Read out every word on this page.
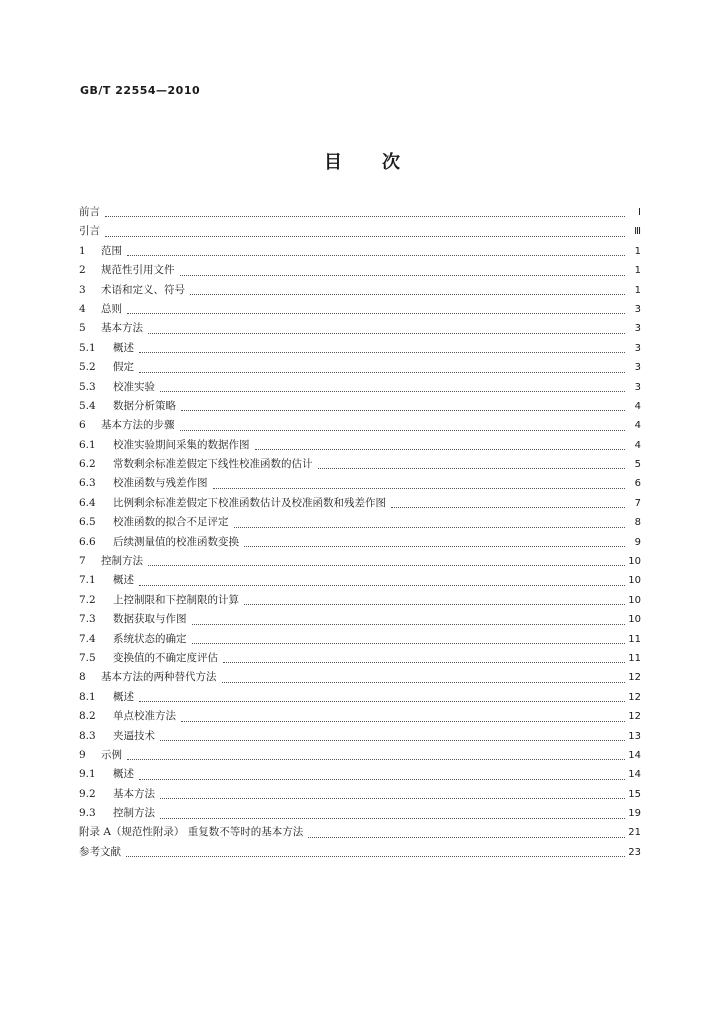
GB/T 22554—2010
目次
前言	Ⅰ
引言	Ⅲ
1	范围	1
2	规范性引用文件	1
3	术语和定义、符号	1
4	总则	3
5	基本方法	3
5.1	概述	3
5.2	假定	3
5.3	校准实验	3
5.4	数据分析策略	4
6	基本方法的步骤	4
6.1	校准实验期间采集的数据作图	4
6.2	常数剩余标准差假定下线性校准函数的估计	5
6.3	校准函数与残差作图	6
6.4	比例剩余标准差假定下校准函数估计及校准函数和残差作图	7
6.5	校准函数的拟合不足评定	8
6.6	后续测量值的校准函数变换	9
7	控制方法	10
7.1	概述	10
7.2	上控制限和下控制限的计算	10
7.3	数据获取与作图	10
7.4	系统状态的确定	11
7.5	变换值的不确定度评估	11
8	基本方法的两种替代方法	12
8.1	概述	12
8.2	单点校准方法	12
8.3	夹逼技术	13
9	示例	14
9.1	概述	14
9.2	基本方法	15
9.3	控制方法	19
附录 A（规范性附录） 重复数不等时的基本方法	21
参考文献	23
